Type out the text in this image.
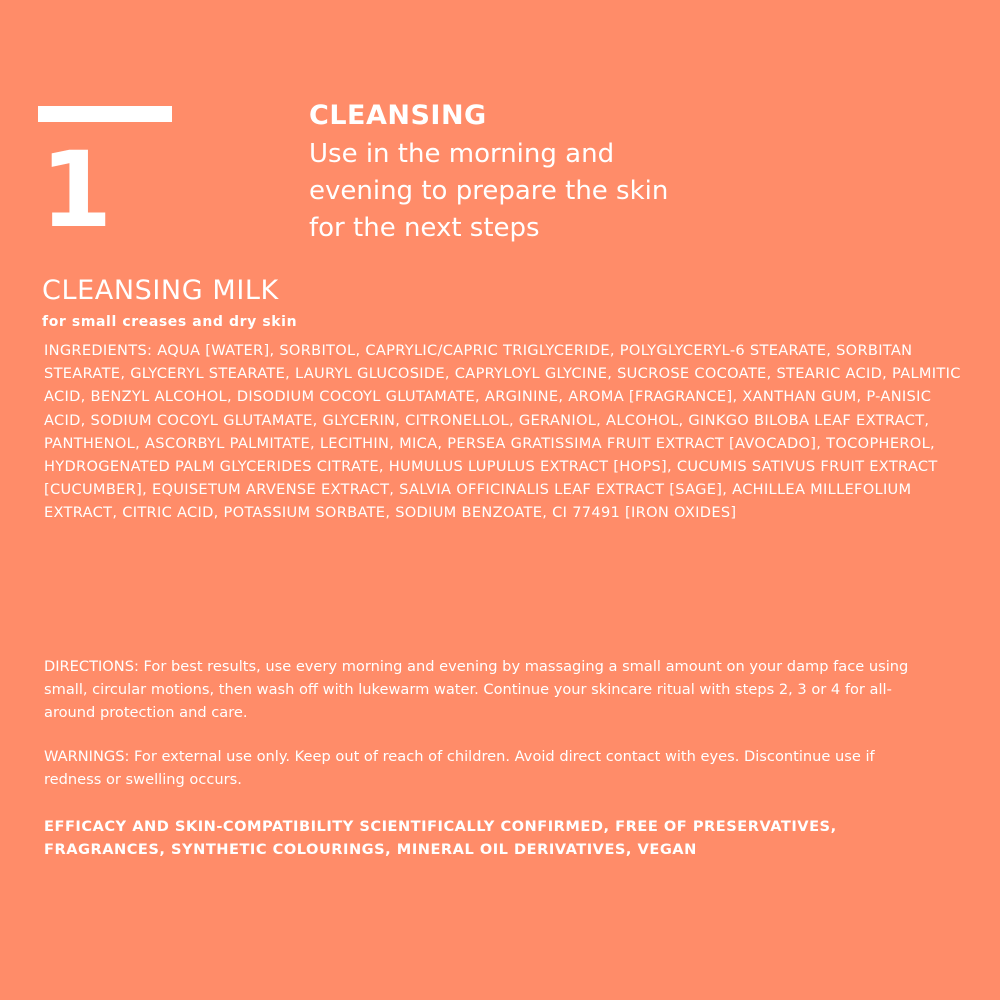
1
CLEANSING
Use in the morning and evening to prepare the skin for the next steps
CLEANSING MILK
for small creases and dry skin
INGREDIENTS: AQUA [WATER], SORBITOL, CAPRYLIC/CAPRIC TRIGLYCERIDE, POLYGLYCERYL-6 STEARATE, SORBITAN STEARATE, GLYCERYL STEARATE, LAURYL GLUCOSIDE, CAPRYLOYL GLYCINE, SUCROSE COCOATE, STEARIC ACID, PALMITIC ACID, BENZYL ALCOHOL, DISODIUM COCOYL GLUTAMATE, ARGININE, AROMA [FRAGRANCE], XANTHAN GUM, P-ANISIC ACID, SODIUM COCOYL GLUTAMATE, GLYCERIN, CITRONELLOL, GERANIOL, ALCOHOL, GINKGO BILOBA LEAF EXTRACT, PANTHENOL, ASCORBYL PALMITATE, LECITHIN, MICA, PERSEA GRATISSIMA FRUIT EXTRACT [AVOCADO], TOCOPHEROL, HYDROGENATED PALM GLYCERIDES CITRATE, HUMULUS LUPULUS EXTRACT [HOPS], CUCUMIS SATIVUS FRUIT EXTRACT [CUCUMBER], EQUISETUM ARVENSE EXTRACT, SALVIA OFFICINALIS LEAF EXTRACT [SAGE], ACHILLEA MILLEFOLIUM EXTRACT, CITRIC ACID, POTASSIUM SORBATE, SODIUM BENZOATE, CI 77491 [IRON OXIDES]
DIRECTIONS: For best results, use every morning and evening by massaging a small amount on your damp face using small, circular motions, then wash off with lukewarm water. Continue your skincare ritual with steps 2, 3 or 4 for all-around protection and care.
WARNINGS: For external use only. Keep out of reach of children. Avoid direct contact with eyes. Discontinue use if redness or swelling occurs.
EFFICACY AND SKIN-COMPATIBILITY SCIENTIFICALLY CONFIRMED, FREE OF PRESERVATIVES, FRAGRANCES, SYNTHETIC COLOURINGS, MINERAL OIL DERIVATIVES, VEGAN
